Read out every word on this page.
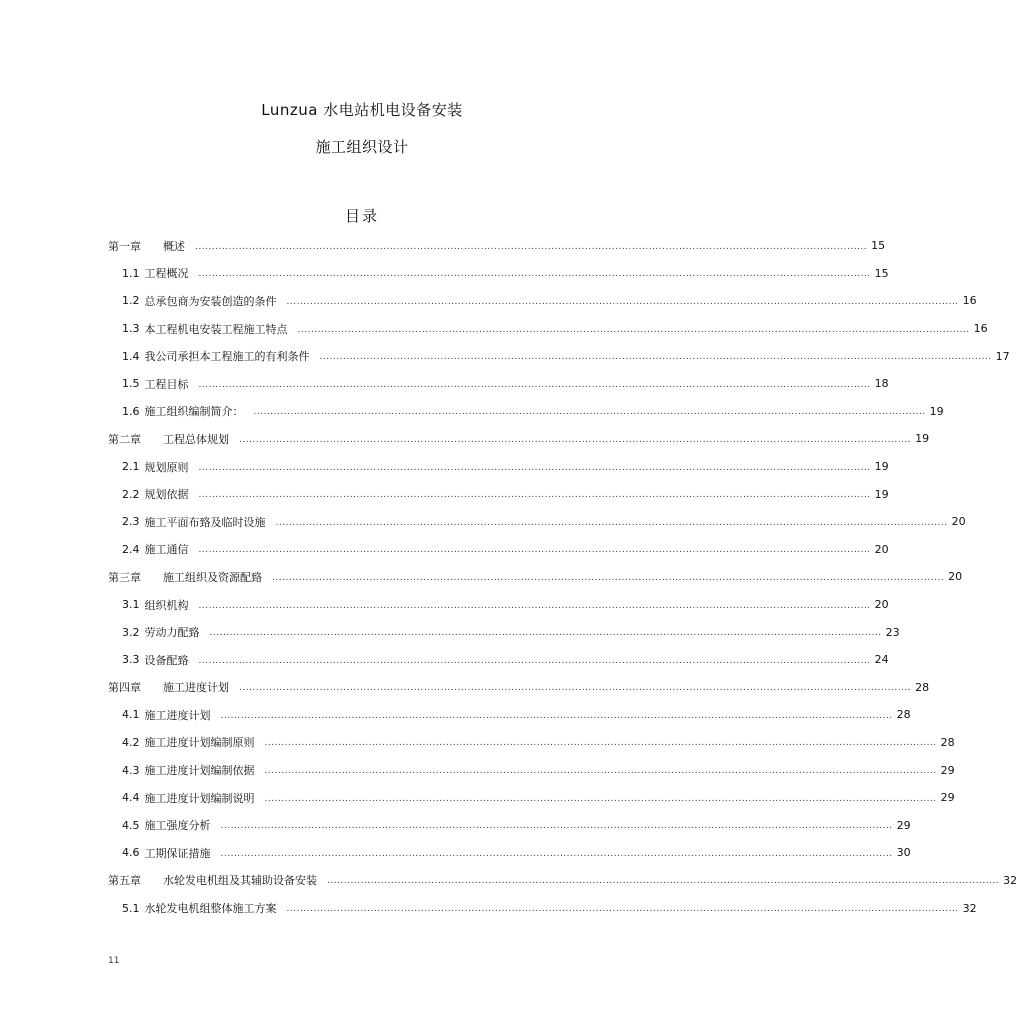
Lunzua 水电站机电设备安装
施工组织设计
目录
第一章 概述 ........................................................................................................................................................................................................ 15
1.1 工程概况 ........................................................................................................................................................................................................ 15
1.2 总承包商为安装创造的条件 ........................................................................................................................................................................................................ 16
1.3 本工程机电安装工程施工特点 ........................................................................................................................................................................................................ 16
1.4 我公司承担本工程施工的有利条件 ........................................................................................................................................................................................................ 17
1.5 工程目标 ........................................................................................................................................................................................................ 18
1.6 施工组织编制简介： ........................................................................................................................................................................................................ 19
第二章 工程总体规划 ........................................................................................................................................................................................................ 19
2.1 规划原则 ........................................................................................................................................................................................................ 19
2.2 规划依据 ........................................................................................................................................................................................................ 19
2.3 施工平面布臵及临时设施 ........................................................................................................................................................................................................ 20
2.4 施工通信 ........................................................................................................................................................................................................ 20
第三章 施工组织及资源配臵 ........................................................................................................................................................................................................ 20
3.1 组织机构 ........................................................................................................................................................................................................ 20
3.2 劳动力配臵 ........................................................................................................................................................................................................ 23
3.3 设备配臵 ........................................................................................................................................................................................................ 24
第四章 施工进度计划 ........................................................................................................................................................................................................ 28
4.1 施工进度计划 ........................................................................................................................................................................................................ 28
4.2 施工进度计划编制原则 ........................................................................................................................................................................................................ 28
4.3 施工进度计划编制依据 ........................................................................................................................................................................................................ 29
4.4 施工进度计划编制说明 ........................................................................................................................................................................................................ 29
4.5 施工强度分析 ........................................................................................................................................................................................................ 29
4.6 工期保证措施 ........................................................................................................................................................................................................ 30
第五章 水轮发电机组及其辅助设备安装 ........................................................................................................................................................................................................ 32
5.1 水轮发电机组整体施工方案 ........................................................................................................................................................................................................ 32
11
